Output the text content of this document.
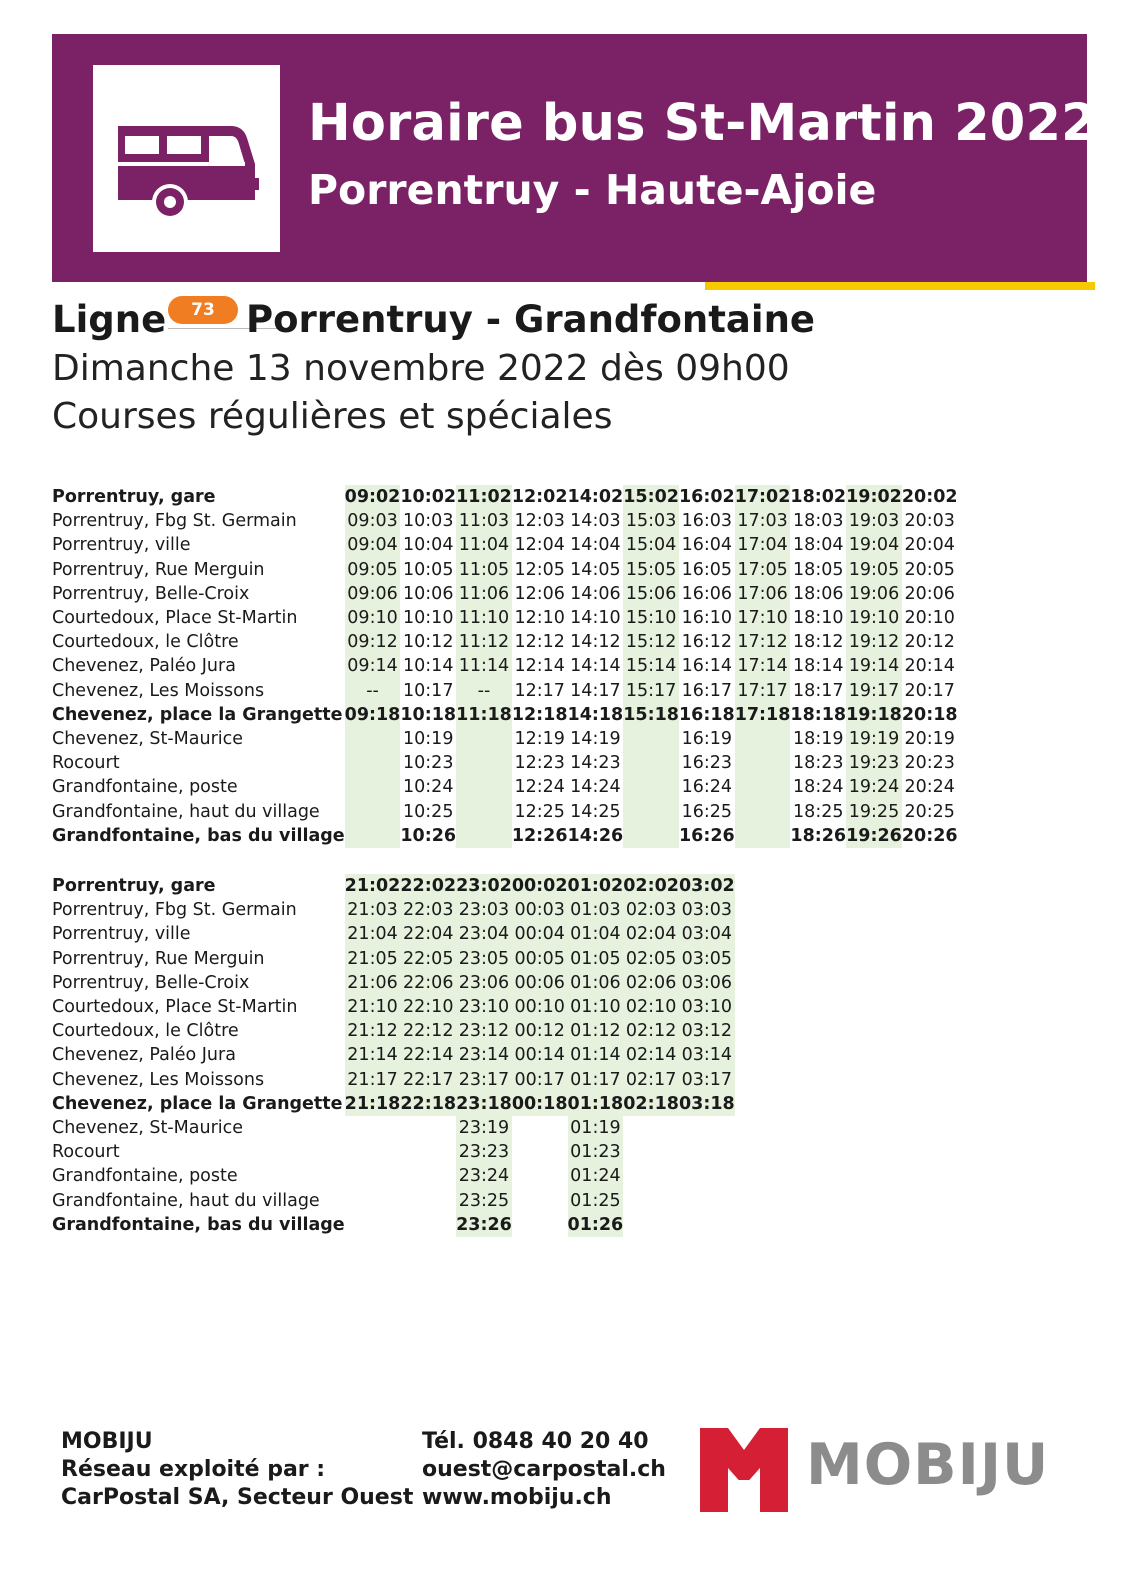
Horaire bus St-Martin 2022
Porrentruy - Haute-Ajoie
Ligne	73 Porrentruy - Grandfontaine
Dimanche 13 novembre 2022 dès 09h00
Courses régulières et spéciales
Porrentruy, gare	09:02	10:02	11:02	12:02	14:02	15:02	16:02	17:02	18:02	19:02	20:02
Porrentruy, Fbg St. Germain	09:03	10:03	11:03	12:03	14:03	15:03	16:03	17:03	18:03	19:03	20:03
Porrentruy, ville	09:04	10:04	11:04	12:04	14:04	15:04	16:04	17:04	18:04	19:04	20:04
Porrentruy, Rue Merguin	09:05	10:05	11:05	12:05	14:05	15:05	16:05	17:05	18:05	19:05	20:05
Porrentruy, Belle-Croix	09:06	10:06	11:06	12:06	14:06	15:06	16:06	17:06	18:06	19:06	20:06
Courtedoux, Place St-Martin	09:10	10:10	11:10	12:10	14:10	15:10	16:10	17:10	18:10	19:10	20:10
Courtedoux, le Clôtre	09:12	10:12	11:12	12:12	14:12	15:12	16:12	17:12	18:12	19:12	20:12
Chevenez, Paléo Jura	09:14	10:14	11:14	12:14	14:14	15:14	16:14	17:14	18:14	19:14	20:14
Chevenez, Les Moissons	--	10:17	--	12:17	14:17	15:17	16:17	17:17	18:17	19:17	20:17
Chevenez, place la Grangette	09:18	10:18	11:18	12:18	14:18	15:18	16:18	17:18	18:18	19:18	20:18
Chevenez, St-Maurice		10:19		12:19	14:19		16:19		18:19	19:19	20:19
Rocourt		10:23		12:23	14:23		16:23		18:23	19:23	20:23
Grandfontaine, poste		10:24		12:24	14:24		16:24		18:24	19:24	20:24
Grandfontaine, haut du village		10:25		12:25	14:25		16:25		18:25	19:25	20:25
Grandfontaine, bas du village		10:26		12:26	14:26		16:26		18:26	19:26	20:26
Porrentruy, gare	21:02	22:02	23:02	00:02	01:02	02:02	03:02
Porrentruy, Fbg St. Germain	21:03	22:03	23:03	00:03	01:03	02:03	03:03
Porrentruy, ville	21:04	22:04	23:04	00:04	01:04	02:04	03:04
Porrentruy, Rue Merguin	21:05	22:05	23:05	00:05	01:05	02:05	03:05
Porrentruy, Belle-Croix	21:06	22:06	23:06	00:06	01:06	02:06	03:06
Courtedoux, Place St-Martin	21:10	22:10	23:10	00:10	01:10	02:10	03:10
Courtedoux, le Clôtre	21:12	22:12	23:12	00:12	01:12	02:12	03:12
Chevenez, Paléo Jura	21:14	22:14	23:14	00:14	01:14	02:14	03:14
Chevenez, Les Moissons	21:17	22:17	23:17	00:17	01:17	02:17	03:17
Chevenez, place la Grangette	21:18	22:18	23:18	00:18	01:18	02:18	03:18
Chevenez, St-Maurice			23:19		01:19		
Rocourt			23:23		01:23		
Grandfontaine, poste			23:24		01:24		
Grandfontaine, haut du village			23:25		01:25		
Grandfontaine, bas du village			23:26		01:26		
MOBIJU
Réseau exploité par :
CarPostal SA, Secteur Ouest
Tél. 0848 40 20 40
ouest@carpostal.ch
www.mobiju.ch	MOBIJU
